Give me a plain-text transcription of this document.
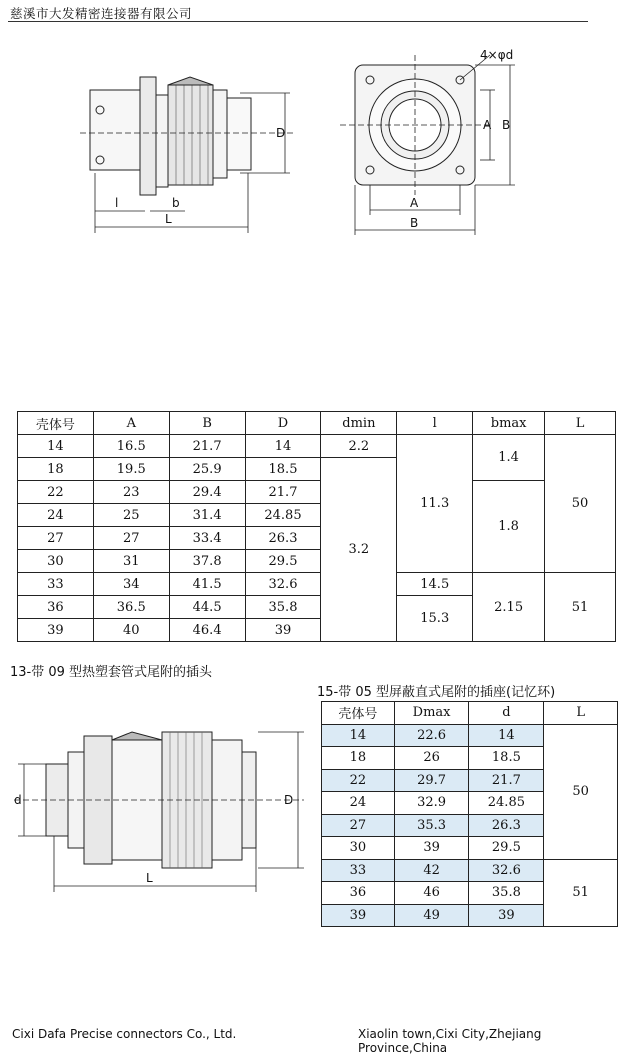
慈溪市大发精密连接器有限公司
D
l	b
L
4×φd
A B
A
B
壳体号	A	B	D	dmin	l	bmax	L
14	16.5	21.7	14	2.2	11.3	1.4	50
18	19.5	25.9	18.5	3.2			
22	23	29.4	21.7			1.8	
24	25	31.4	24.85				
27	27	33.4	26.3				
30	31	37.8	29.5				
33	34	41.5	32.6		14.5	2.15	51
36	36.5	44.5	35.8		15.3		
39	40	46.4	39				
13-带 09 型热塑套管式尾附的插头
15-带 05 型屏蔽直式尾附的插座(记忆环)
d	D
L
壳体号	Dmax	d	L
14	22.6	14	50
18	26	18.5	
22	29.7	21.7	
24	32.9	24.85	
27	35.3	26.3	
30	39	29.5	
33	42	32.6	51
36	46	35.8	
39	49	39	
Cixi Dafa Precise connectors Co., Ltd.	Xiaolin town,Cixi City,Zhejiang Province,China
